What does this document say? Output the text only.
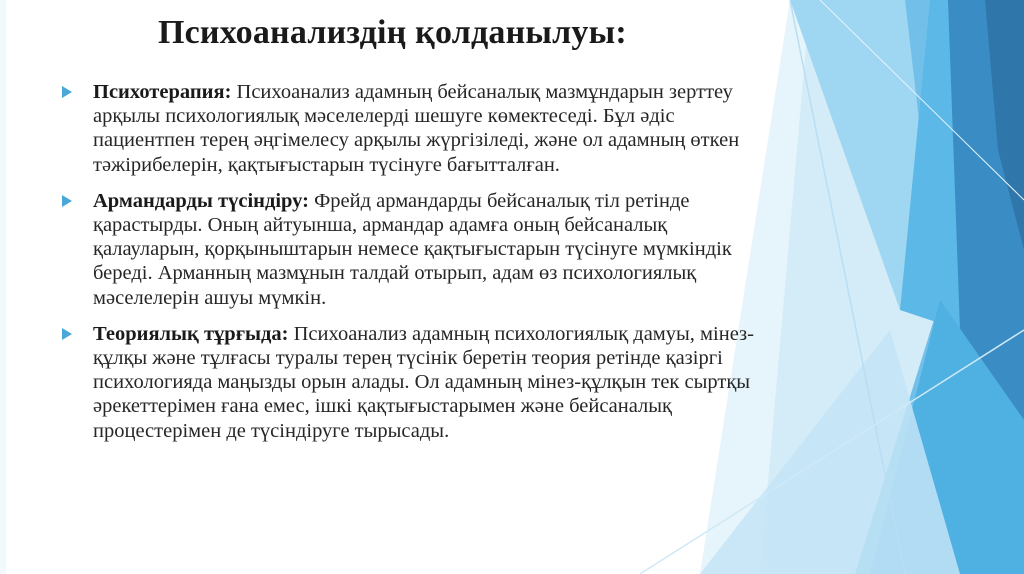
Психоанализдің қолданылуы:
Психотерапия: Психоанализ адамның бейсаналық мазмұндарын зерттеу арқылы психологиялық мәселелерді шешуге көмектеседі. Бұл әдіс пациентпен терең әңгімелесу арқылы жүргізіледі, және ол адамның өткен тәжірибелерін, қақтығыстарын түсінуге бағытталған.
Армандарды түсіндіру: Фрейд армандарды бейсаналық тіл ретінде қарастырды. Оның айтуынша, армандар адамға оның бейсаналық қалауларын, қорқыныштарын немесе қақтығыстарын түсінуге мүмкіндік береді. Арманның мазмұнын талдай отырып, адам өз психологиялық мәселелерін ашуы мүмкін.
Теориялық тұрғыда: Психоанализ адамның психологиялық дамуы, мінез-құлқы және тұлғасы туралы терең түсінік беретін теория ретінде қазіргі психологияда маңызды орын алады. Ол адамның мінез-құлқын тек сыртқы әрекеттерімен ғана емес, ішкі қақтығыстарымен және бейсаналық процестерімен де түсіндіруге тырысады.
